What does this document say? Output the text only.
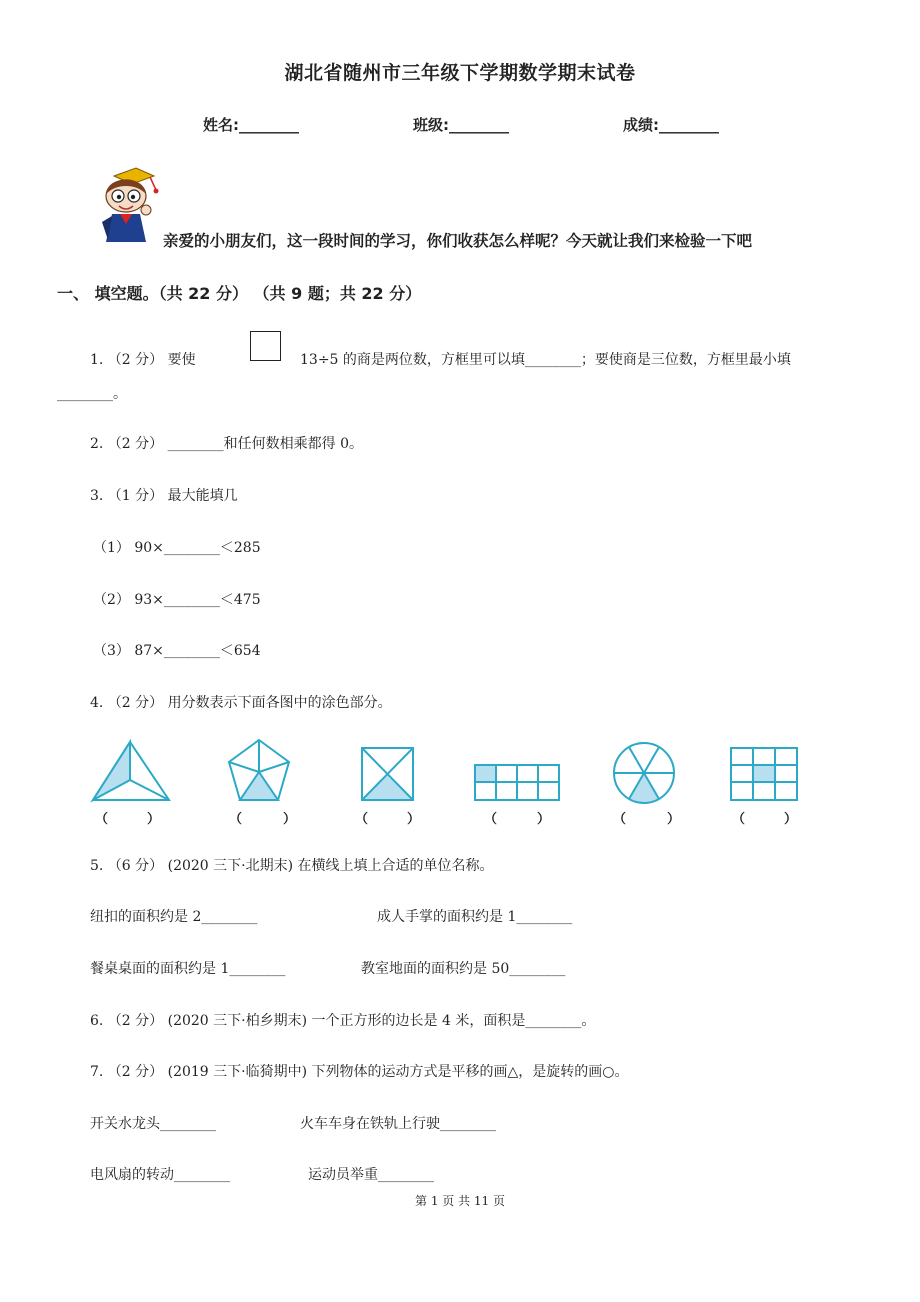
湖北省随州市三年级下学期数学期末试卷
姓名:________	班级:________	成绩:________
亲爱的小朋友们，这一段时间的学习，你们收获怎么样呢？今天就让我们来检验一下吧
一、 填空题。（共 22 分） （共 9 题；共 22 分）
1. （2 分） 要使	13÷5 的商是两位数，方框里可以填________；要使商是三位数，方框里最小填
________。
2. （2 分） ________和任何数相乘都得 0。
3. （1 分） 最大能填几
（1） 90×________＜285
（2） 93×________＜475
（3） 87×________＜654
4. （2 分） 用分数表示下面各图中的涂色部分。
（	）	（	）	（	）	（	）	（	）	（	）
5. （6 分） (2020 三下·北期末) 在横线上填上合适的单位名称。
纽扣的面积约是 2________	成人手掌的面积约是 1________
餐桌桌面的面积约是 1________	教室地面的面积约是 50________
6. （2 分） (2020 三下·柏乡期末) 一个正方形的边长是 4 米，面积是________。
7. （2 分） (2019 三下·临猗期中) 下列物体的运动方式是平移的画△，是旋转的画○。
开关水龙头________	火车车身在铁轨上行驶________
电风扇的转动________	运动员举重________
第 1 页 共 11 页
